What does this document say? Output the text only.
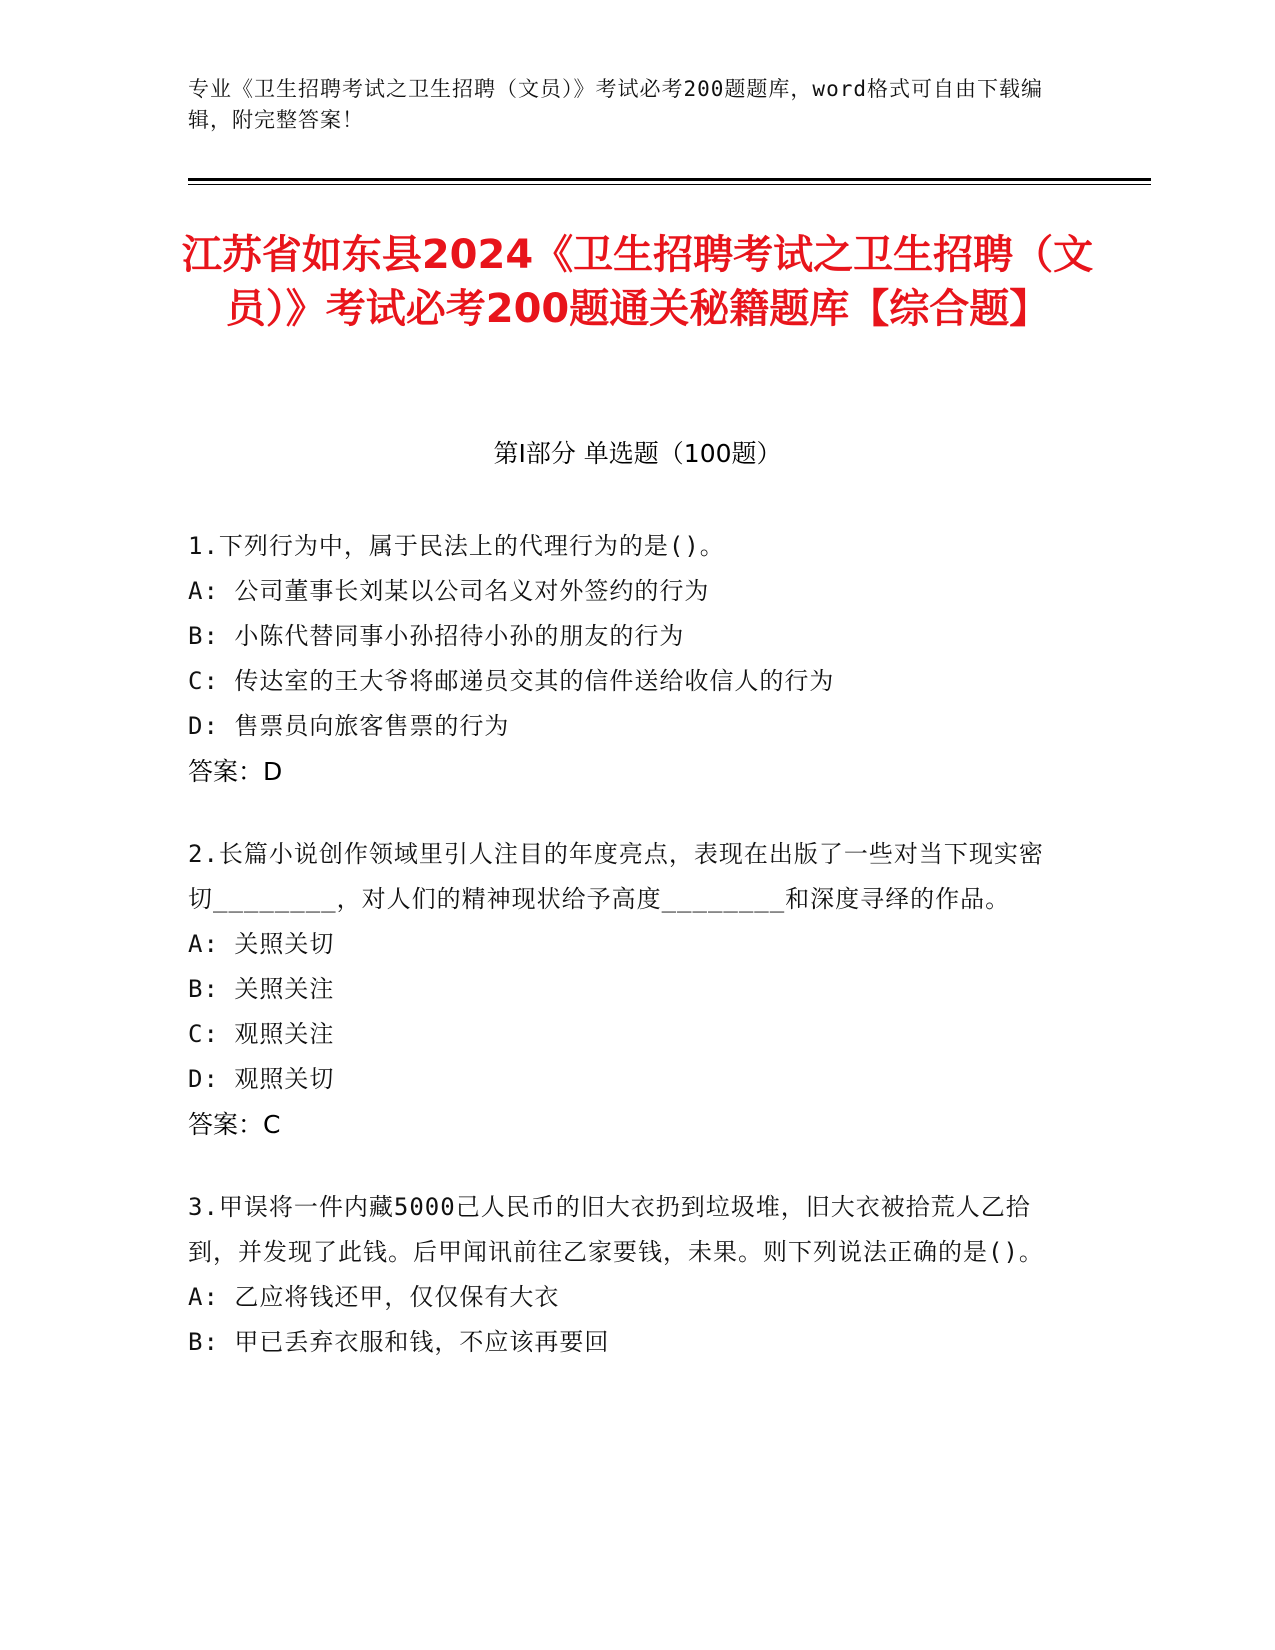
专业《卫生招聘考试之卫生招聘（文员）》考试必考200题题库，word格式可自由下载编辑，附完整答案！
江苏省如东县2024《卫生招聘考试之卫生招聘（文员）》考试必考200题通关秘籍题库【综合题】
第Ⅰ部分 单选题（100题）
1.下列行为中，属于民法上的代理行为的是()。
A: 公司董事长刘某以公司名义对外签约的行为
B: 小陈代替同事小孙招待小孙的朋友的行为
C: 传达室的王大爷将邮递员交其的信件送给收信人的行为
D: 售票员向旅客售票的行为
答案：D
2.长篇小说创作领域里引人注目的年度亮点，表现在出版了一些对当下现实密切________，对人们的精神现状给予高度________和深度寻绎的作品。
A: 关照关切
B: 关照关注
C: 观照关注
D: 观照关切
答案：C
3.甲误将一件内藏5000己人民币的旧大衣扔到垃圾堆，旧大衣被拾荒人乙拾到，并发现了此钱。后甲闻讯前往乙家要钱，未果。则下列说法正确的是()。
A: 乙应将钱还甲，仅仅保有大衣
B: 甲已丢弃衣服和钱，不应该再要回
